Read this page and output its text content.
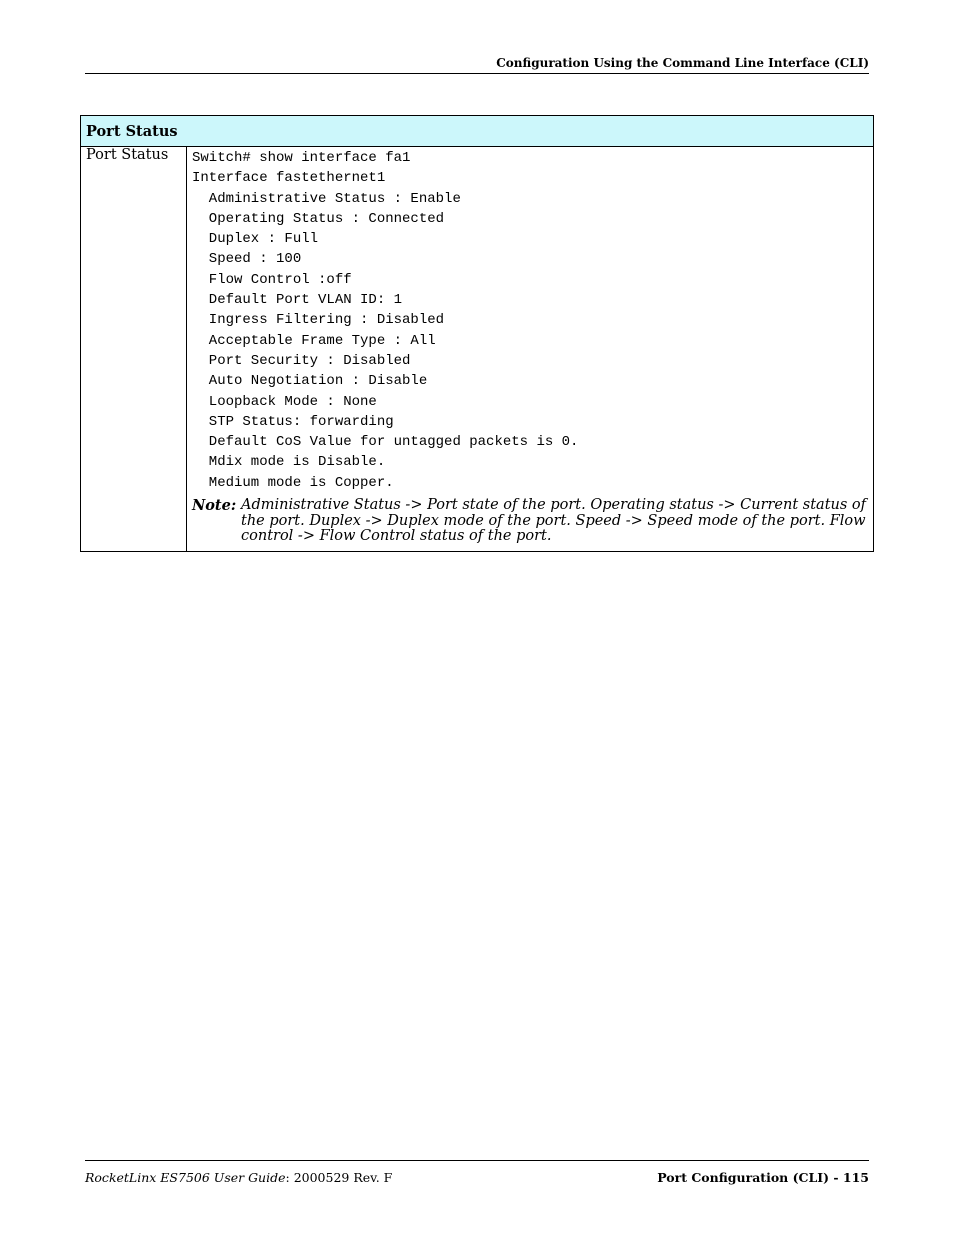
Configuration Using the Command Line Interface (CLI)
Port Status
Port Status	Switch# show interface fa1
Interface fastethernet1
Administrative Status : Enable
Operating Status : Connected
Duplex : Full
Speed : 100
Flow Control :off
Default Port VLAN ID: 1
Ingress Filtering : Disabled
Acceptable Frame Type : All
Port Security : Disabled
Auto Negotiation : Disable
Loopback Mode : None
STP Status: forwarding
Default CoS Value for untagged packets is 0.
Mdix mode is Disable.
Medium mode is Copper.
Note: Administrative Status -> Port state of the port. Operating status -> Current status of the port. Duplex -> Duplex mode of the port. Speed -> Speed mode of the port. Flow control -> Flow Control status of the port.
RocketLinx ES7506 User Guide: 2000529 Rev. F	Port Configuration (CLI) - 115
